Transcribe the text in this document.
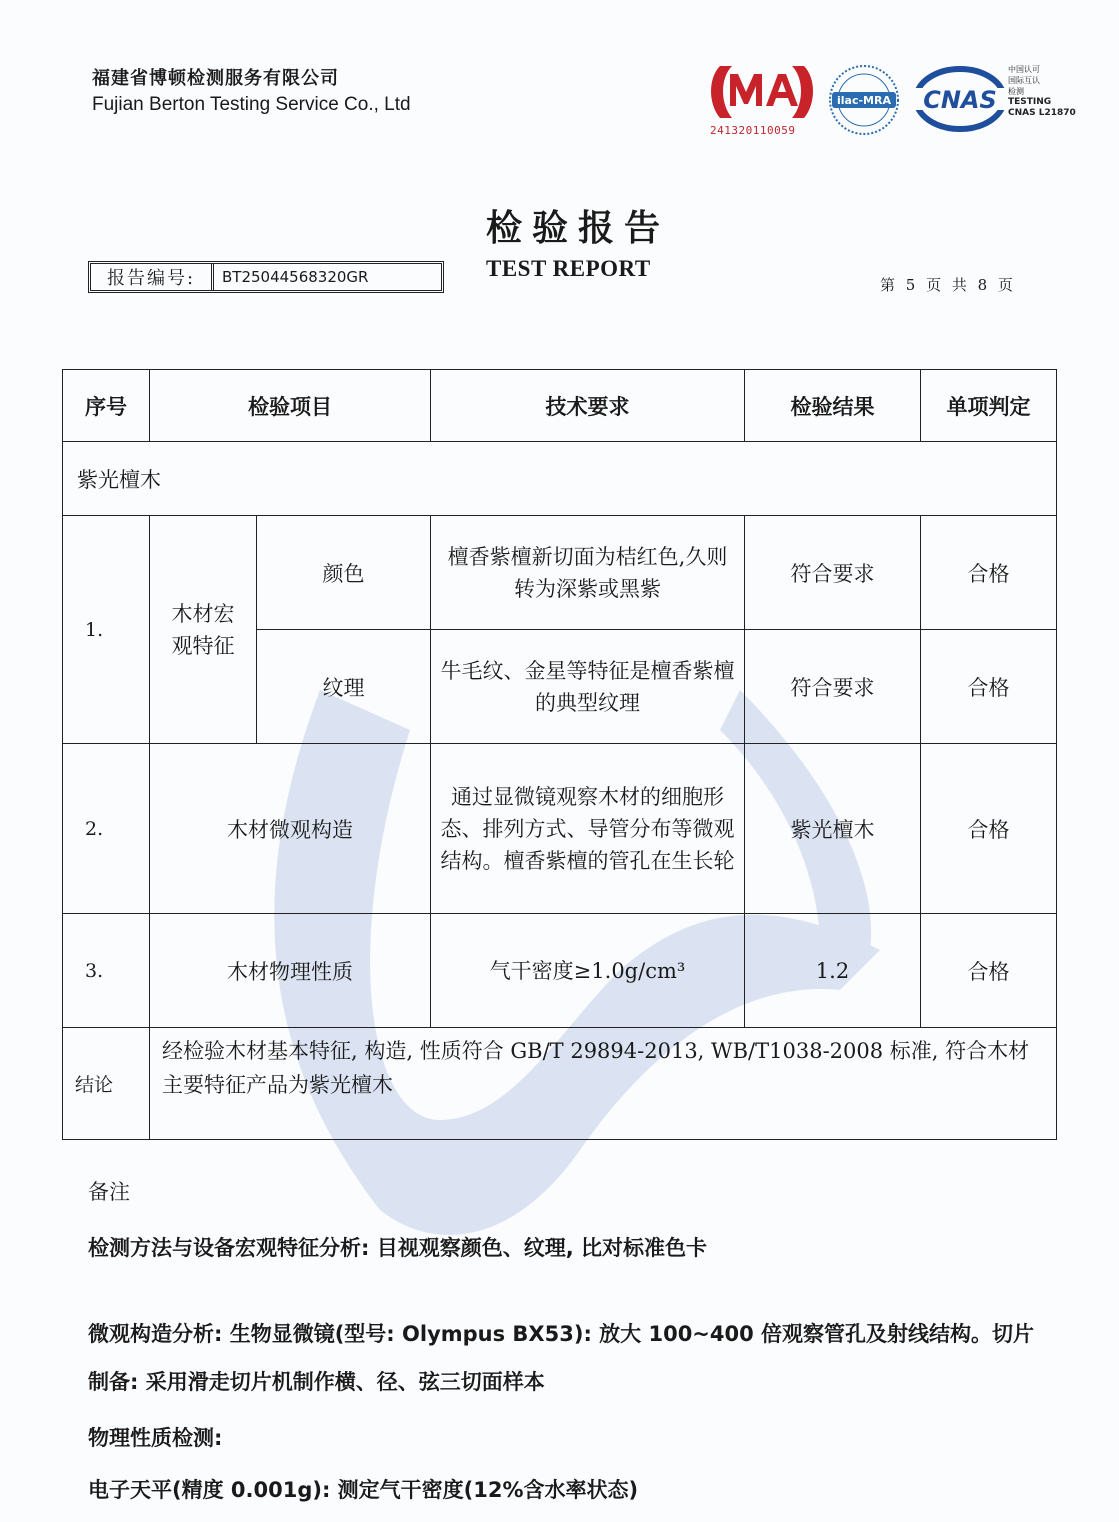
福建省博顿检测服务有限公司
Fujian Berton Testing Service Co., Ltd
241320110059
ilac-MRA CNAS
中国认可
国际互认
检测
TESTING
CNAS L21870
检验报告
TEST REPORT
报告编号:	BT25044568320GR	第 5 页 共 8 页
序号	检验项目		技术要求	检验结果	单项判定
紫光檀木					
1.	木材宏观特征	颜色	檀香紫檀新切面为桔红色,久则转为深紫或黑紫	符合要求	合格
		纹理	牛毛纹、金星等特征是檀香紫檀的典型纹理	符合要求	合格
2.	木材微观构造		通过显微镜观察木材的细胞形态、排列方式、导管分布等微观结构。檀香紫檀的管孔在生长轮	紫光檀木	合格
3.	木材物理性质		气干密度≥1.0g/cm³	1.2	合格
结论	经检验木材基本特征, 构造, 性质符合 GB/T 29894-2013, WB/T1038-2008 标准, 符合木材主要特征产品为紫光檀木				
备注
检测方法与设备宏观特征分析: 目视观察颜色、纹理, 比对标准色卡
微观构造分析: 生物显微镜(型号: Olympus BX53): 放大 100~400 倍观察管孔及射线结构。切片制备: 采用滑走切片机制作横、径、弦三切面样本
物理性质检测:
电子天平(精度 0.001g): 测定气干密度(12%含水率状态)
